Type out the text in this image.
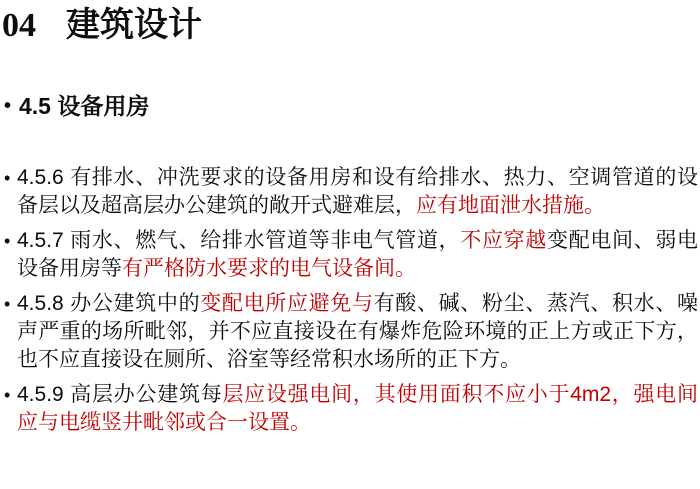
04 建筑设计
• 4.5 设备用房
• 4.5.6 有排水、冲洗要求的设备用房和设有给排水、热力、空调管道的设备层以及超高层办公建筑的敞开式避难层，应有地面泄水措施。
• 4.5.7 雨水、燃气、给排水管道等非电气管道，不应穿越变配电间、弱电设备用房等有严格防水要求的电气设备间。
• 4.5.8 办公建筑中的变配电所应避免与有酸、碱、粉尘、蒸汽、积水、噪声严重的场所毗邻，并不应直接设在有爆炸危险环境的正上方或正下方，也不应直接设在厕所、浴室等经常积水场所的正下方。
• 4.5.9 高层办公建筑每层应设强电间，其使用面积不应小于4m2，强电间应与电缆竖井毗邻或合一设置。
